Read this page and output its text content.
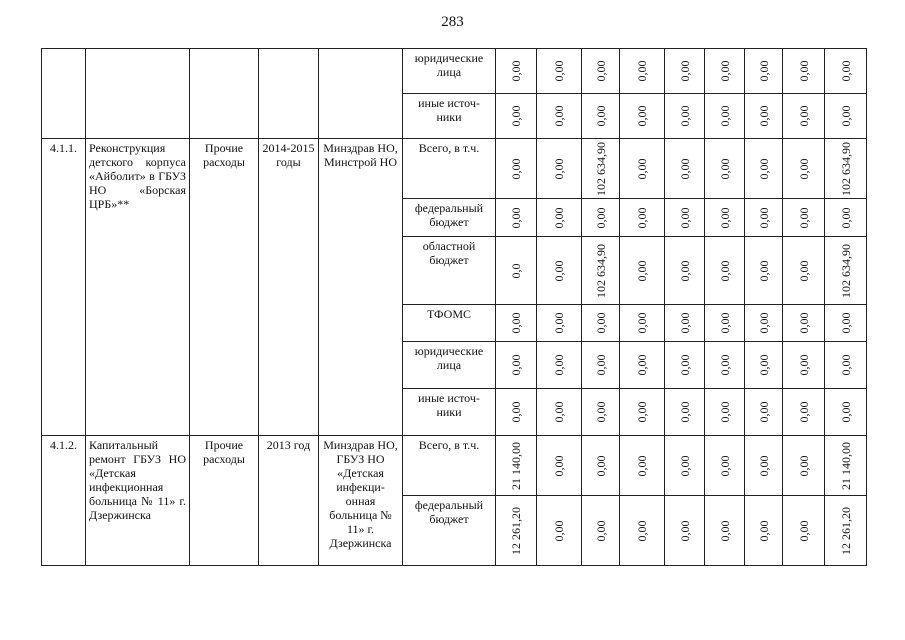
283
					юридические лица	0,00	0,00	0,00	0,00	0,00	0,00	0,00	0,00	0,00

					иные источ-ники	0,00	0,00	0,00	0,00	0,00	0,00	0,00	0,00	0,00

4.1.1.	Реконструкция детского корпуса «Айболит» в ГБУЗ НО «Борская ЦРБ»**	Прочие расходы	2014-2015 годы	Минздрав НО, Минстрой НО	Всего, в т.ч.	0,00	0,00	102 634,90	0,00	0,00	0,00	0,00	0,00	102 634,90

					федеральный бюджет	0,00	0,00	0,00	0,00	0,00	0,00	0,00	0,00	0,00

					областной бюджет	0,0	0,00	102 634,90	0,00	0,00	0,00	0,00	0,00	102 634,90

					ТФОМС	0,00	0,00	0,00	0,00	0,00	0,00	0,00	0,00	0,00

					юридические лица	0,00	0,00	0,00	0,00	0,00	0,00	0,00	0,00	0,00

					иные источ-ники	0,00	0,00	0,00	0,00	0,00	0,00	0,00	0,00	0,00

4.1.2.	Капитальный ремонт ГБУЗ НО «Детская инфекционная больница № 11» г. Дзержинска	Прочие расходы	2013 год	Минздрав НО, ГБУЗ НО «Детская инфекци-онная больница № 11» г. Дзержинска	Всего, в т.ч.	21 140,00	0,00	0,00	0,00	0,00	0,00	0,00	0,00	21 140,00

					федеральный бюджет	12 261,20	0,00	0,00	0,00	0,00	0,00	0,00	0,00	12 261,20
